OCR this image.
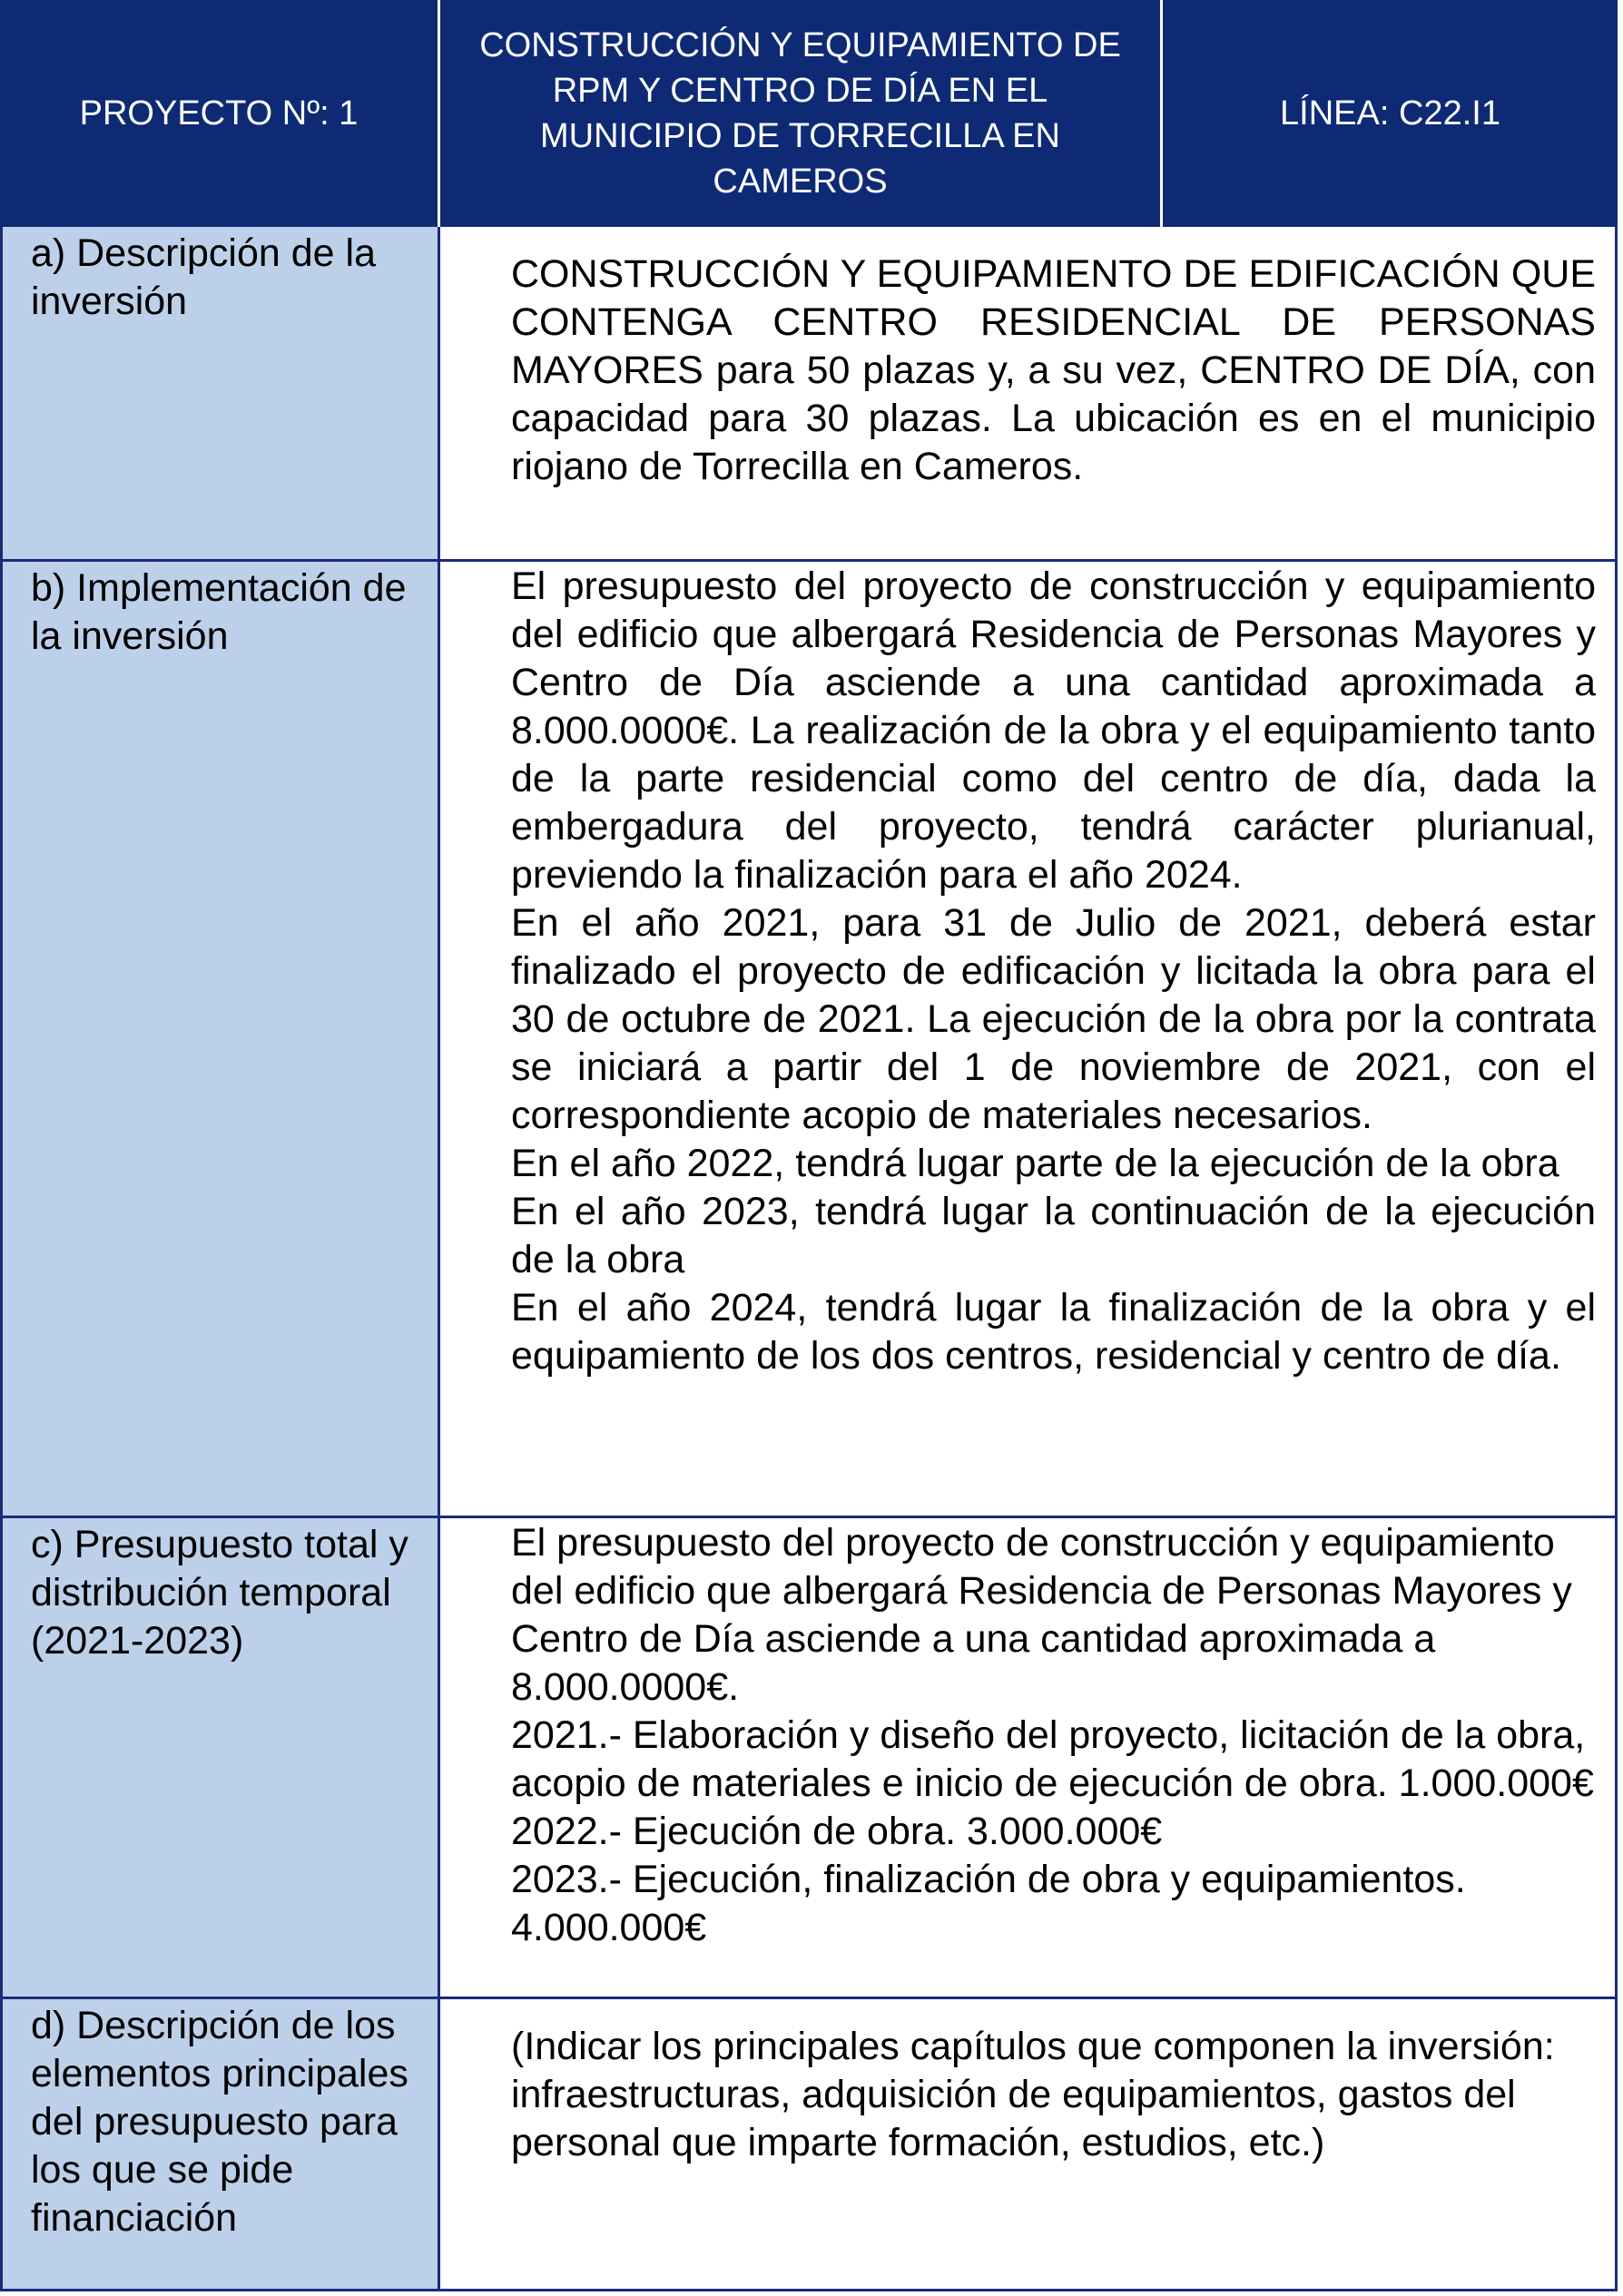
PROYECTO Nº: 1
CONSTRUCCIÓN Y EQUIPAMIENTO DE RPM Y CENTRO DE DÍA EN EL MUNICIPIO DE TORRECILLA EN CAMEROS
LÍNEA: C22.I1
a) Descripción de la inversión

CONSTRUCCIÓN Y EQUIPAMIENTO DE EDIFICACIÓN QUE CONTENGA CENTRO RESIDENCIAL DE PERSONAS MAYORES para 50 plazas y, a su vez, CENTRO DE DÍA, con capacidad para 30 plazas. La ubicación es en el municipio riojano de Torrecilla en Cameros.

b) Implementación de la inversión

El presupuesto del proyecto de construcción y equipamiento del edificio que albergará Residencia de Personas Mayores y Centro de Día asciende a una cantidad aproximada a 8.000.0000€. La realización de la obra y el equipamiento tanto de la parte residencial como del centro de día, dada la embergadura del proyecto, tendrá carácter plurianual, previendo la finalización para el año 2024.

En el año 2021, para 31 de Julio de 2021, deberá estar finalizado el proyecto de edificación y licitada la obra para el 30 de octubre de 2021. La ejecución de la obra por la contrata se iniciará a partir del 1 de noviembre de 2021, con el correspondiente acopio de materiales necesarios.

En el año 2022, tendrá lugar parte de la ejecución de la obra

En el año 2023, tendrá lugar la continuación de la ejecución de la obra

En el año 2024, tendrá lugar la finalización de la obra y el equipamiento de los dos centros, residencial y centro de día.

c) Presupuesto total y distribución temporal (2021-2023)

El presupuesto del proyecto de construcción y equipamiento del edificio que albergará Residencia de Personas Mayores y Centro de Día asciende a una cantidad aproximada a 8.000.0000€.

2021.- Elaboración y diseño del proyecto, licitación de la obra, acopio de materiales e inicio de ejecución de obra. 1.000.000€

2022.- Ejecución de obra. 3.000.000€

2023.- Ejecución, finalización de obra y equipamientos. 4.000.000€

d) Descripción de los elementos principales del presupuesto para los que se pide financiación

(Indicar los principales capítulos que componen la inversión: infraestructuras, adquisición de equipamientos, gastos del personal que imparte formación, estudios, etc.)
